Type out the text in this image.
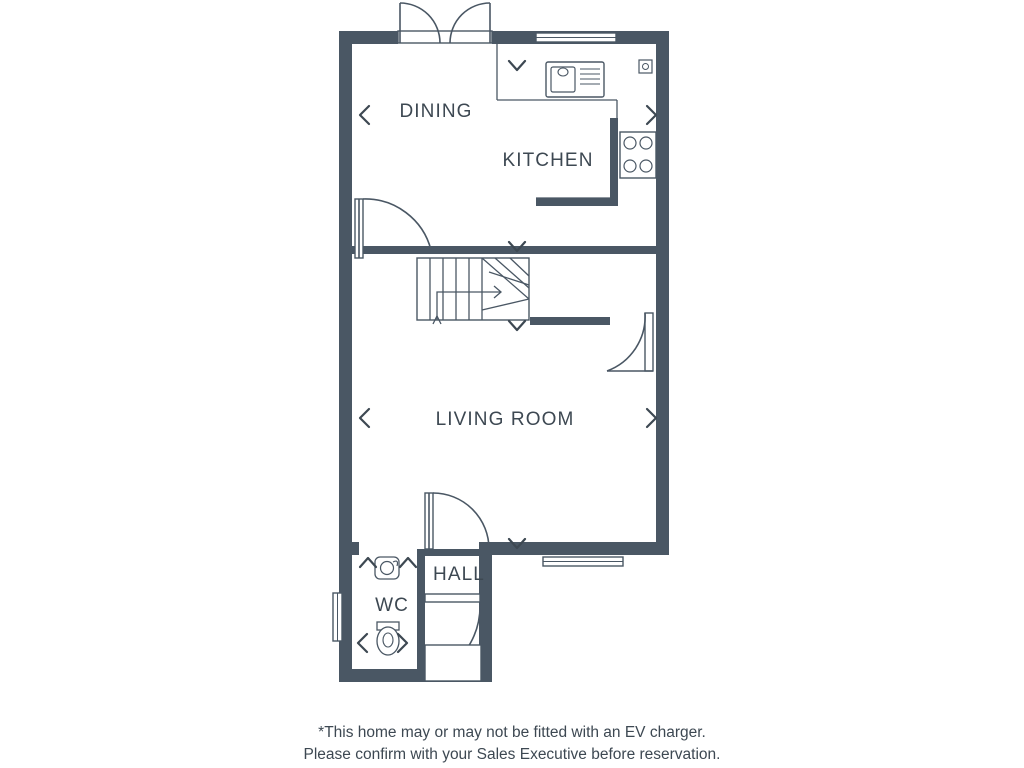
DINING
KITCHEN
LIVING ROOM
HALL
WC
*This home may or may not be fitted with an EV charger.
Please confirm with your Sales Executive before reservation.
